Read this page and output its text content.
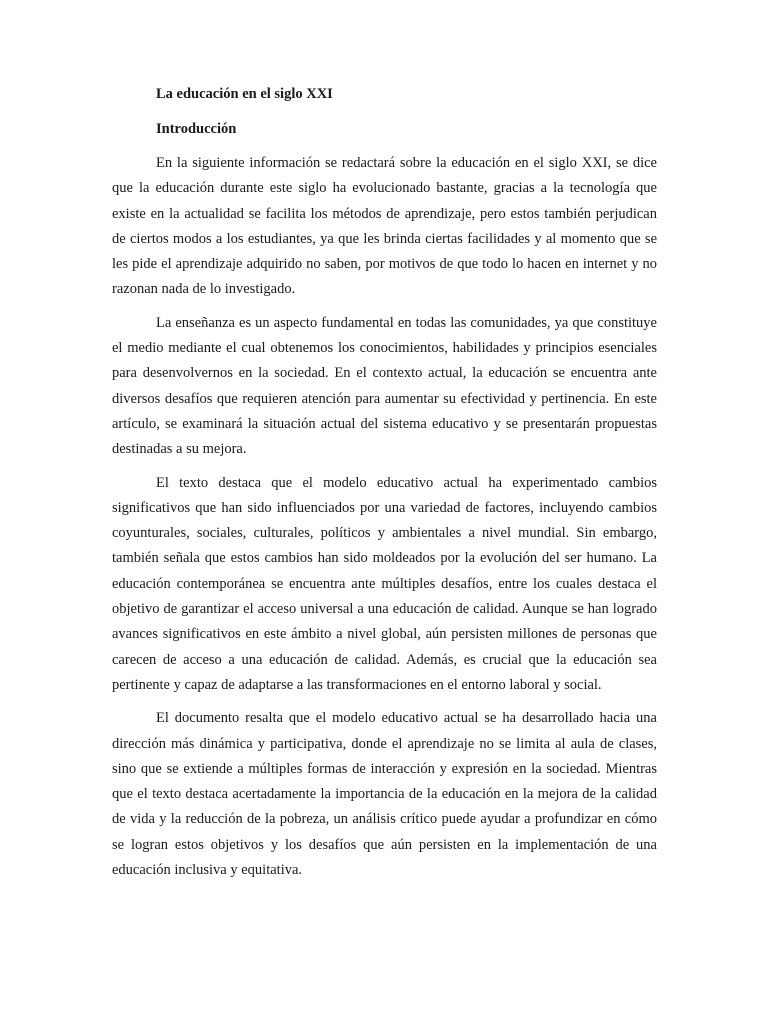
La educación en el siglo XXI
Introducción

En la siguiente información se redactará sobre la educación en el siglo XXI, se dice que la educación durante este siglo ha evolucionado bastante, gracias a la tecnología que existe en la actualidad se facilita los métodos de aprendizaje, pero estos también perjudican de ciertos modos a los estudiantes, ya que les brinda ciertas facilidades y al momento que se les pide el aprendizaje adquirido no saben, por motivos de que todo lo hacen en internet y no razonan nada de lo investigado.

La enseñanza es un aspecto fundamental en todas las comunidades, ya que constituye el medio mediante el cual obtenemos los conocimientos, habilidades y principios esenciales para desenvolvernos en la sociedad. En el contexto actual, la educación se encuentra ante diversos desafíos que requieren atención para aumentar su efectividad y pertinencia. En este artículo, se examinará la situación actual del sistema educativo y se presentarán propuestas destinadas a su mejora.

El texto destaca que el modelo educativo actual ha experimentado cambios significativos que han sido influenciados por una variedad de factores, incluyendo cambios coyunturales, sociales, culturales, políticos y ambientales a nivel mundial. Sin embargo, también señala que estos cambios han sido moldeados por la evolución del ser humano. La educación contemporánea se encuentra ante múltiples desafíos, entre los cuales destaca el objetivo de garantizar el acceso universal a una educación de calidad. Aunque se han logrado avances significativos en este ámbito a nivel global, aún persisten millones de personas que carecen de acceso a una educación de calidad. Además, es crucial que la educación sea pertinente y capaz de adaptarse a las transformaciones en el entorno laboral y social.

El documento resalta que el modelo educativo actual se ha desarrollado hacia una dirección más dinámica y participativa, donde el aprendizaje no se limita al aula de clases, sino que se extiende a múltiples formas de interacción y expresión en la sociedad. Mientras que el texto destaca acertadamente la importancia de la educación en la mejora de la calidad de vida y la reducción de la pobreza, un análisis crítico puede ayudar a profundizar en cómo se logran estos objetivos y los desafíos que aún persisten en la implementación de una educación inclusiva y equitativa.
